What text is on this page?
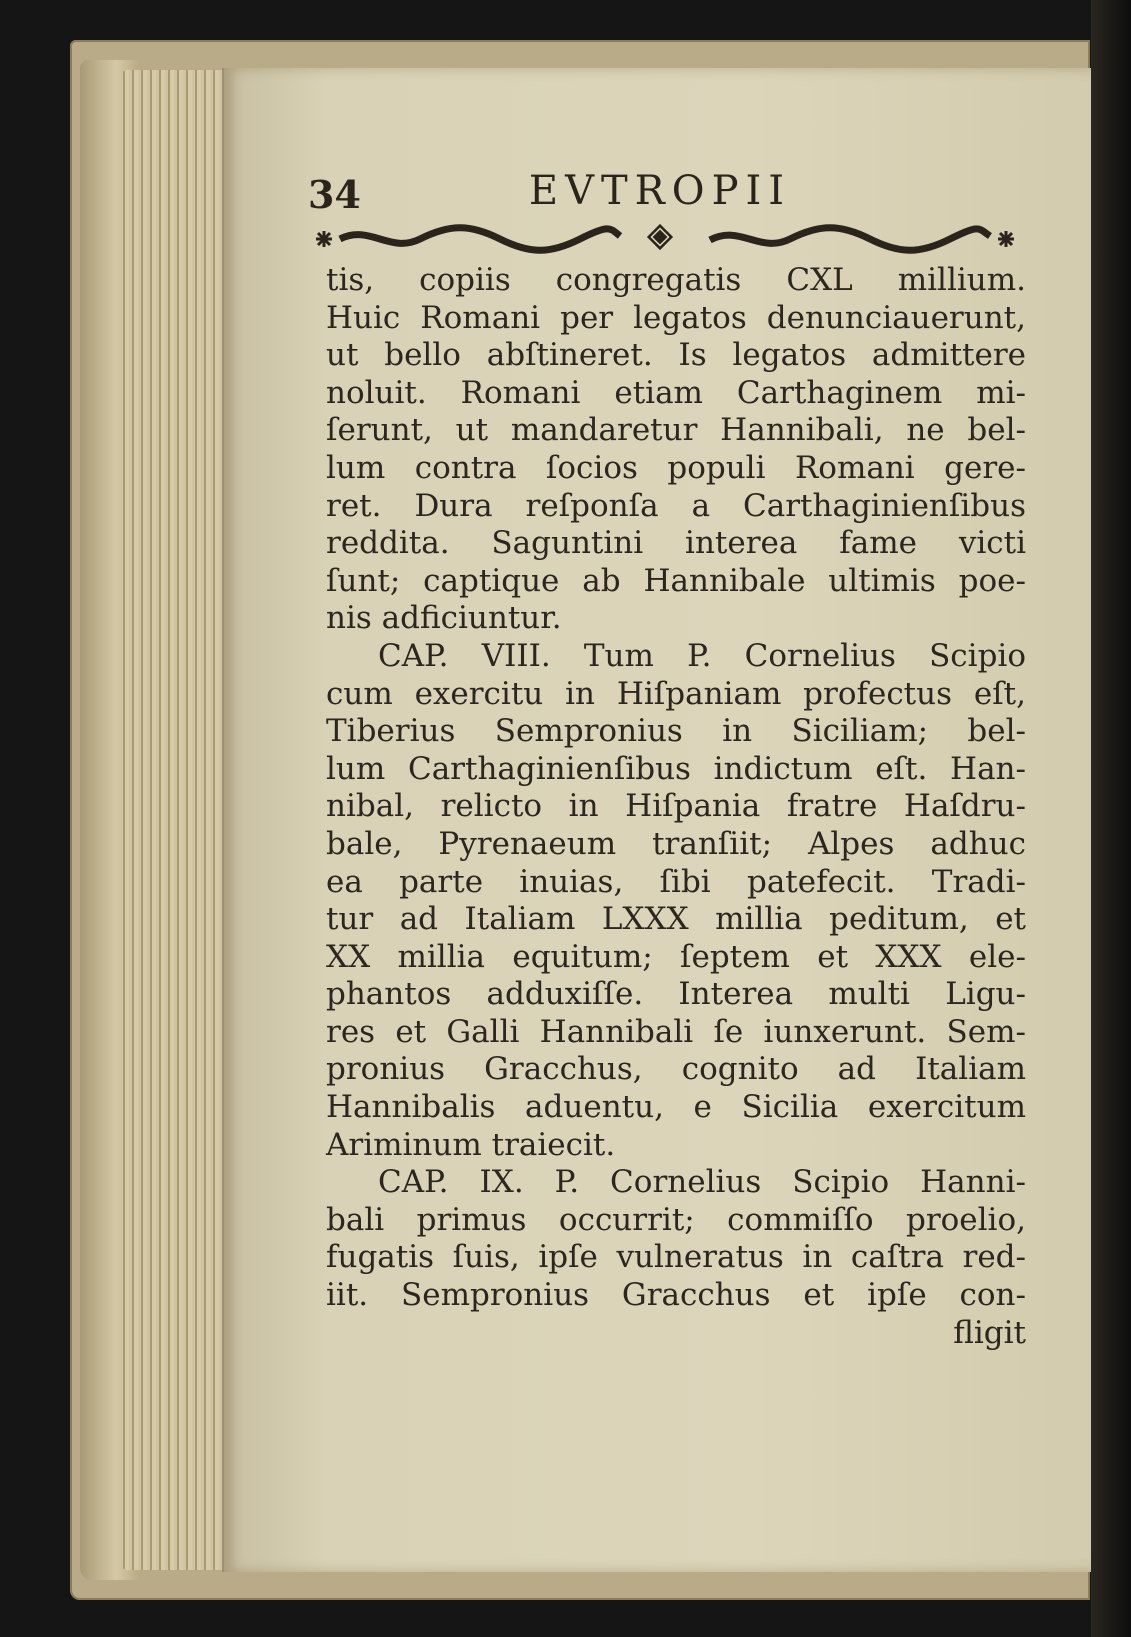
34	EVTROPII
tis, copiis congregatis CXL millium.
Huic Romani per legatos denunciauerunt,
ut bello abſtineret. Is legatos admittere
noluit. Romani etiam Carthaginem mi-
ſerunt, ut mandaretur Hannibali, ne bel-
lum contra ſocios populi Romani gere-
ret. Dura reſponſa a Carthaginienſibus
reddita. Saguntini interea fame victi
ſunt; captique ab Hannibale ultimis poe-
nis adficiuntur.
CAP. VIII. Tum P. Cornelius Scipio
cum exercitu in Hiſpaniam profectus eſt,
Tiberius Sempronius in Siciliam; bel-
lum Carthaginienſibus indictum eſt. Han-
nibal, relicto in Hiſpania fratre Haſdru-
bale, Pyrenaeum tranſiit; Alpes adhuc
ea parte inuias, ſibi patefecit. Tradi-
tur ad Italiam LXXX millia peditum, et
XX millia equitum; ſeptem et XXX ele-
phantos adduxiſſe. Interea multi Ligu-
res et Galli Hannibali ſe iunxerunt. Sem-
pronius Gracchus, cognito ad Italiam
Hannibalis aduentu, e Sicilia exercitum
Ariminum traiecit.
CAP. IX. P. Cornelius Scipio Hanni-
bali primus occurrit; commiſſo proelio,
fugatis ſuis, ipſe vulneratus in caſtra red-
iit. Sempronius Gracchus et ipſe con-
fligit
